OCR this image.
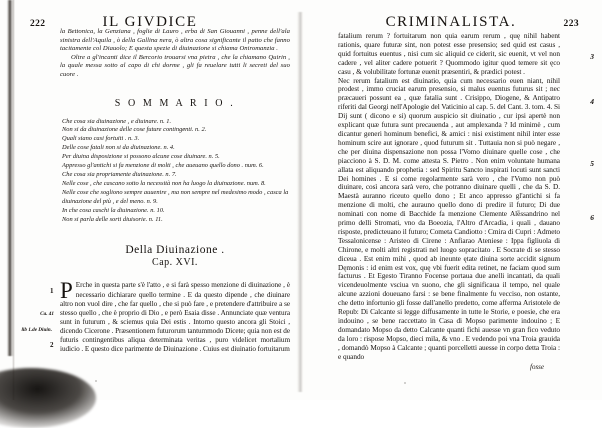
222	IL GIVDICE

la Bettonica, la Genziana , foglie di Lauro , erba di San Giouanni , penne dell'ala sinistra dell'Aquila , ò della Gallina nera, ò altra cosa significante il patto che fanno tacitamente col Diauolo; E questa spezie di diuinazione si chiama Oniromanzia .

Oltre a gl'incanti dice il Bercorio trouarsi vna pietra , che la chiamano Quirin , la quale messa sotto al capo di chi dorme , gli fa reuelare tutti li secreti del suo cuore .

S O M M A R I O .
Che cosa sia diuinazione , e diuinare. n. 1.
Non si da diuinazione delle cose future contingenti. n. 2.
Quali siano casi fortuiti . n. 3.
Delle cose fatali non si da diuinazione. n. 4.
Per diuina disposizione si possono alcune cose diuinare. n. 5.
Appresso gl'antichi si fa menzione di molti , che aueuano quello dono . num. 6.
Che cosa sia propriamente diuinazione. n. 7.
Nelle cose , che cascano sotto la necessità non ha luogo la diuinazione. num. 8.
Nelle cose che sogliono sempre auuenire , ma non sempre nel medesimo modo , casca la diuinazione del più , e del meno. n. 9.
In che cosa caschi la diuinazione. n. 10.
Non si parla delle sorti diuisorie. n. 11.
Della Diuinazione .
Cap. XVI.
P Erche in questa parte s'è l'atto , e si farà spesso menzione di diuinazione , è necessario dichiarare quello termine . E da questo dipende , che diuinare altro non vuol dire , che far quello , che si può fare , e pretendere d'attribuire a se stesso quello , che è proprio di Dio , e però Esaia disse . Annunciate quæ ventura sunt in futurum , & sciemus quia Dei estis . Intorno questo ancora gli Stoici , dicendo Cicerone . Præsentionem futurorum tantummodo Dicete; quia non est de futuris contingentibus aliqua determinata veritas , puro videlicet mortalium iudicio . E questo dice parimente de Diuinazione . Cuius est diuinatio fortuitarum

1
Ca. 41
lib 1.de Diuin.
2
CRIMINALISTA.	223

fatalium rerum ? fortuitarum non quia earum rerum , quę nihil habent rationis, quare futuræ sint, non potest esse presensio; sed quid est casus , quid fortuitus euentus , nisi cum sic aliquid ce ciderit, sic euenit, vt vel non cadere , vel aliter cadere potuerit ? Quommodo igitur quod temere sit ęco casu , & volubilitate fortunæ euenit præsentiri, & prædici potest .

Nec rerum fatalium est diuinatio, quia cum necessario euen niant, nihil prodest , immo cruciat earum presensio, si malus euentus futurus sit ; nec præcaueri possunt ea , quæ fatalia sunt . Crisippo, Diogene, & Antipatro riferiti dal Georgi nell'Apologie del Vaticinio al cap. 5. del Cant. 3. tom. 4. Si Dij sunt ( dicono e si) quorum auspicio sit diuinatio , cur ipsi apertè non explicant quæ futura sunt precauenda , aut amplexanda ? Id minimè , cum dicantur generi hominum benefici, & amici : nisi existiment nihil inter esse hominum scire aut ignorare , quod futurum sit . Tuttauia non si può negare , che per diuina dispensazione non possa l'Vomo diuinare quelle cose , che piacciono à S. D. M. come attesta S. Pietro . Non enim voluntate humana allata est aliquando prophetia : sed Spiritu Sancto inspirati locuti sunt sancti Dei homines . E si come regolarmente sarà vero , che l'Vomo non può diuinare, così ancora sarà vero, che potranno diuinare quelli , che da S. D. Maestà auranno riceuto quello dono ; Et anco appresso gl'antichi si fa menzione di molti, che aurauno quello dono di predire il futuro; Di due nominati con nome di Bacchide fa menzione Clemente Alessandrino nel primo delli Stromati, vno da Boeozia, l'Altro d'Arcadia, i quali , dauano risposte, predicteuano il futuro; Cometa Candiotto : Cmira di Cupri : Admeto Tessalonicense : Aristeo di Cirene : Anfiarao Ateniese : Ippa figliuola di Chirone, e molti altri registrati nel luogo sopracitato . E Socrate di se stesso diceua . Est enim mihi , quod ab ineunte ętate diuina sorte accidit signum Dęmonis : id enim est vox, quę vbi fuerit edita retinet, ne faciam quod sum facturus . Et Egesto Tiranno Focense portaua due anelli incantati, da quali vicendeuolmente vsciua vn suono, che gli significaua il tempo, nel quale alcune azzioni doueuano farsi : se bene finalmente fu vecciso, non ostante, che detto infortunio gli fosse dall'anello predetto, come afferma Aristotele de Repub: Di Calcante si legge diffusamente in tutte le Storie, e poesie, che era indouino , se bene raccettato in Casa di Mopso parimente indouino ; E domandato Mopso da detto Calcante quanti fichi auesse vn gran fico veduto da loro : rispose Mopso, dieci mila, & vno . E vedendo poi vna Troia grauida , domandò Mopso à Calcante ; quanti porcelletti auesse in corpo detta Troia : e quando

fosse
3
4
5
6
